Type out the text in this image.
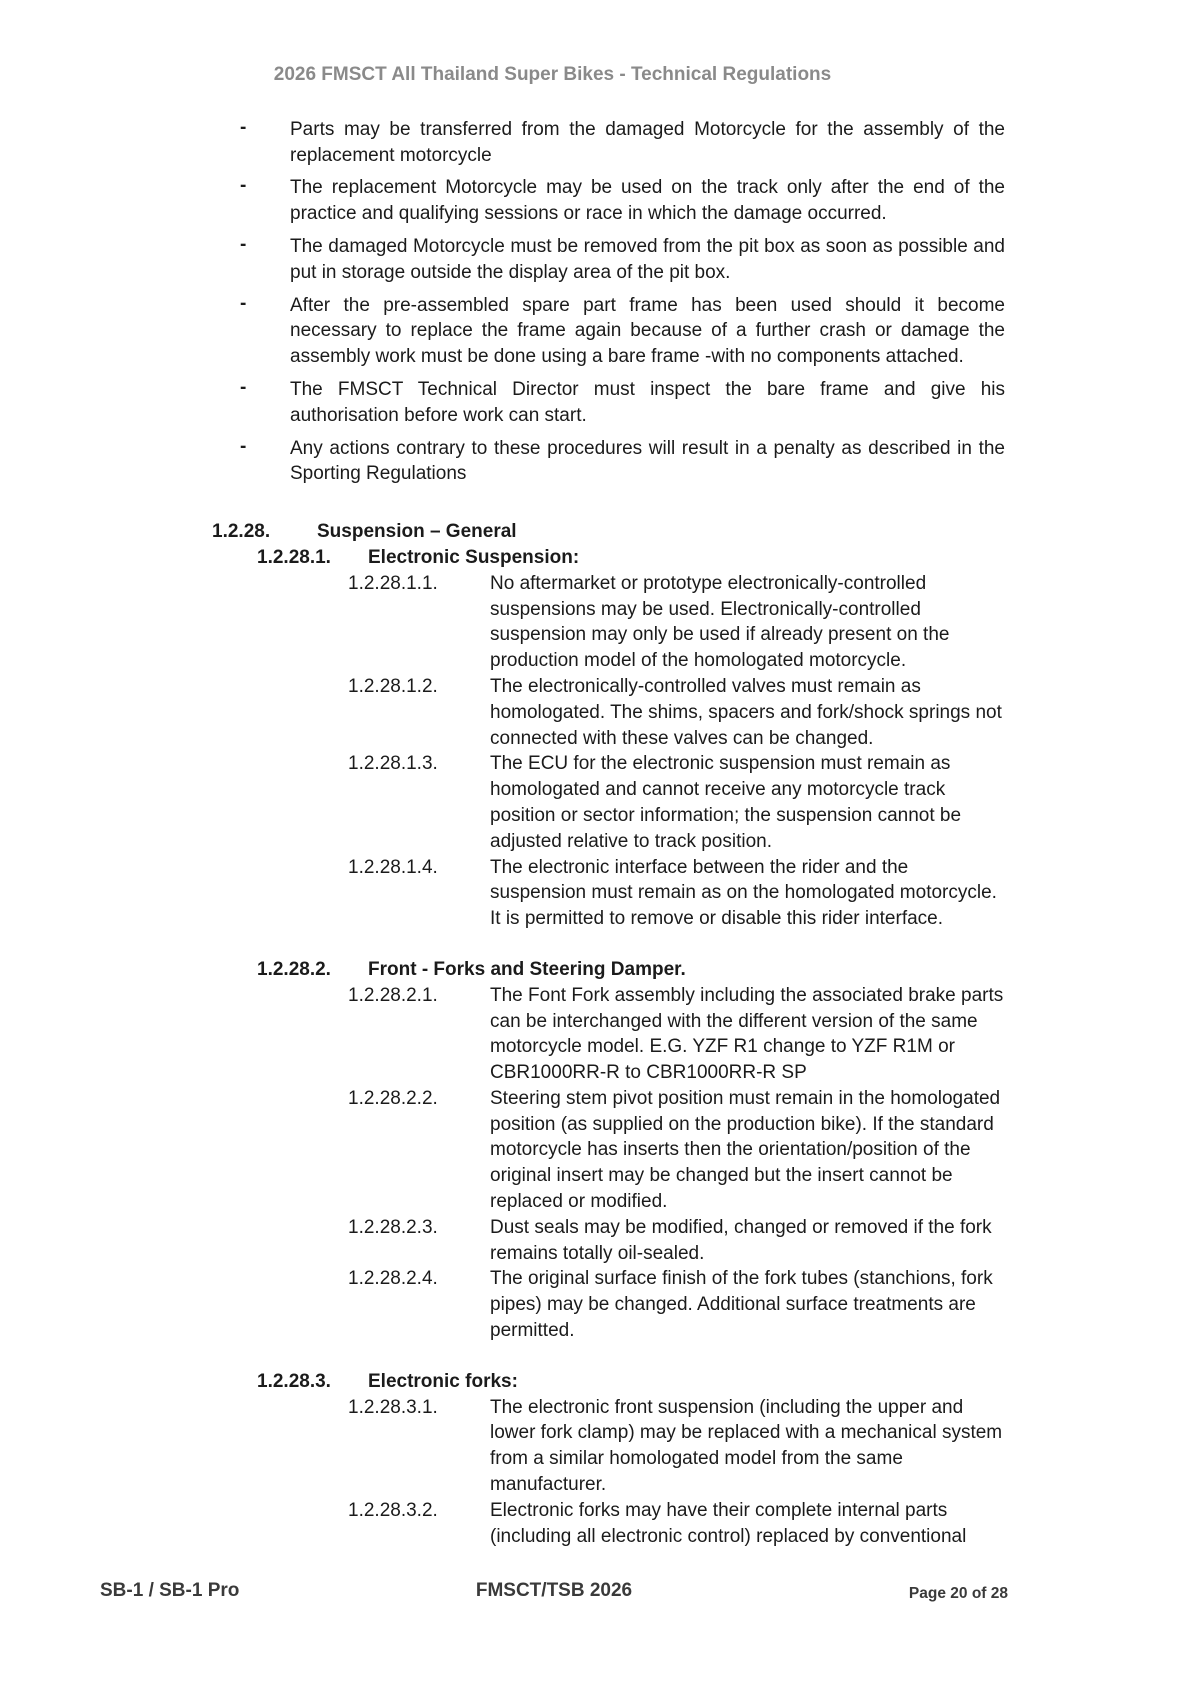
2026 FMSCT All Thailand Super Bikes - Technical Regulations
- Parts may be transferred from the damaged Motorcycle for the assembly of the replacement motorcycle
- The replacement Motorcycle may be used on the track only after the end of the practice and qualifying sessions or race in which the damage occurred.
- The damaged Motorcycle must be removed from the pit box as soon as possible and put in storage outside the display area of the pit box.
- After the pre-assembled spare part frame has been used should it become necessary to replace the frame again because of a further crash or damage the assembly work must be done using a bare frame -with no components attached.
- The FMSCT Technical Director must inspect the bare frame and give his authorisation before work can start.
- Any actions contrary to these procedures will result in a penalty as described in the Sporting Regulations
1.2.28.	Suspension – General
1.2.28.1.	Electronic Suspension:
1.2.28.1.1.	No aftermarket or prototype electronically-controlled suspensions may be used. Electronically-controlled suspension may only be used if already present on the production model of the homologated motorcycle.
1.2.28.1.2.	The electronically-controlled valves must remain as homologated. The shims, spacers and fork/shock springs not connected with these valves can be changed.
1.2.28.1.3.	The ECU for the electronic suspension must remain as homologated and cannot receive any motorcycle track position or sector information; the suspension cannot be adjusted relative to track position.
1.2.28.1.4.	The electronic interface between the rider and the suspension must remain as on the homologated motorcycle. It is permitted to remove or disable this rider interface.
1.2.28.2.	Front - Forks and Steering Damper.
1.2.28.2.1.	The Font Fork assembly including the associated brake parts can be interchanged with the different version of the same motorcycle model. E.G. YZF R1 change to YZF R1M or  CBR1000RR-R to CBR1000RR-R SP
1.2.28.2.2.	Steering stem pivot position must remain in the homologated position (as supplied on the production bike). If the standard motorcycle has inserts then the orientation/position of the original insert may be changed but the insert cannot be replaced or modified.
1.2.28.2.3.	Dust seals may be modified, changed or removed if the fork remains totally oil-sealed.
1.2.28.2.4.	The original surface finish of the fork tubes (stanchions, fork pipes) may be changed. Additional surface treatments are permitted.
1.2.28.3.	Electronic forks:
1.2.28.3.1.	The electronic front suspension (including the upper and lower fork clamp) may be replaced with a mechanical system from a similar homologated model from the same manufacturer.
1.2.28.3.2.	Electronic forks may have their complete internal parts (including all electronic control) replaced by conventional
SB-1 / SB-1 Pro	FMSCT/TSB 2026	Page 20 of 28
